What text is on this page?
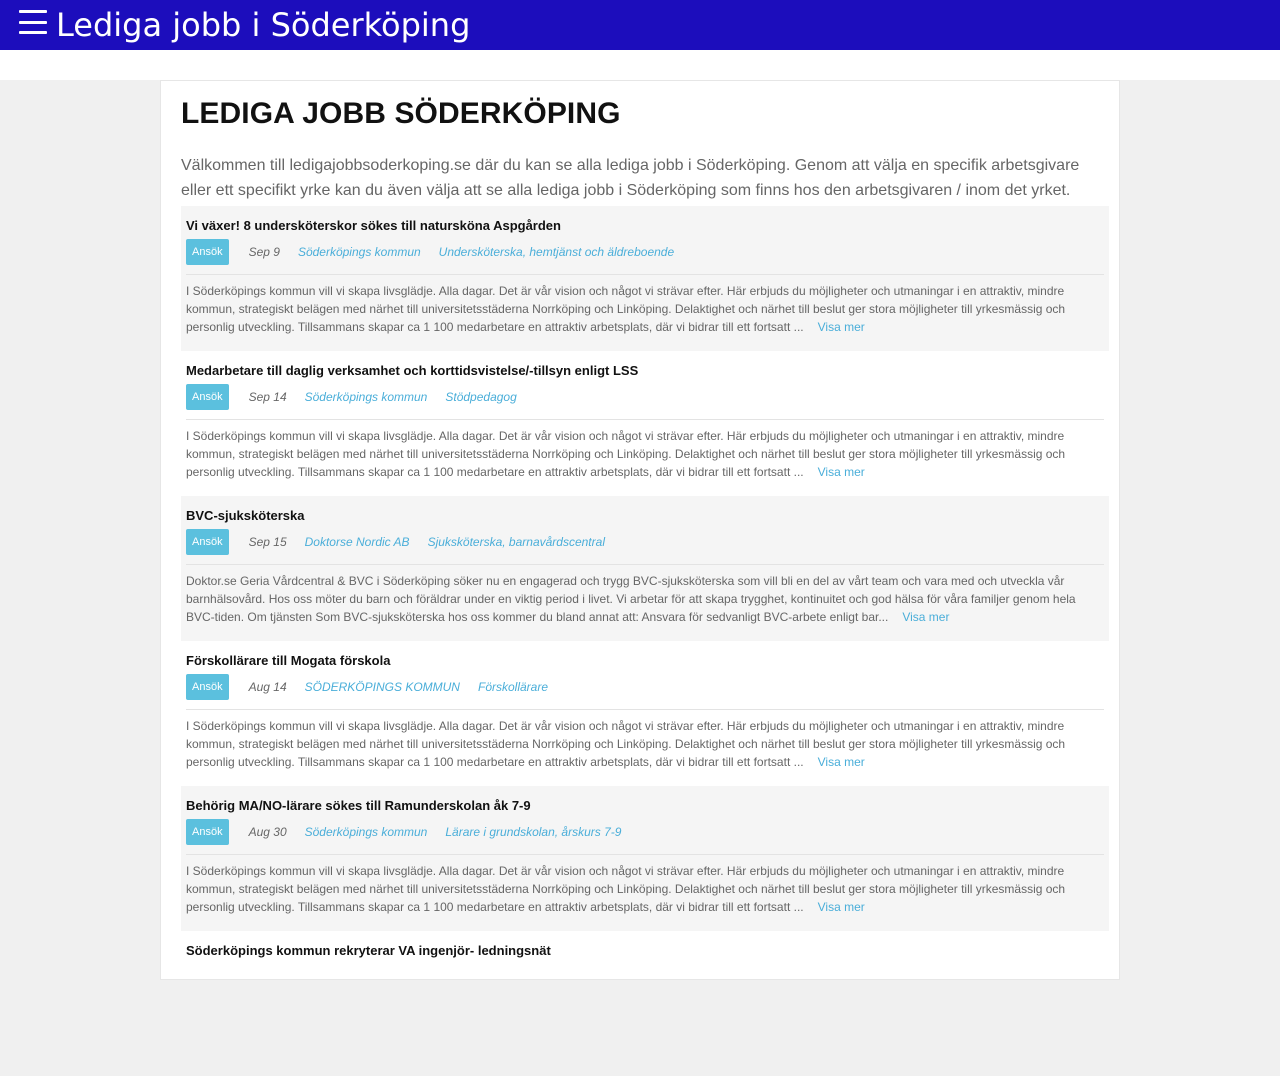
Lediga jobb i Söderköping
LEDIGA JOBB SÖDERKÖPING

Välkommen till ledigajobbsoderkoping.se där du kan se alla lediga jobb i Söderköping. Genom att välja en specifik arbetsgivare eller ett specifikt yrke kan du även välja att se alla lediga jobb i Söderköping som finns hos den arbetsgivaren / inom det yrket.

Vi växer! 8 undersköterskor sökes till natursköna Aspgården
Ansök	Sep 9 Söderköpings kommun Undersköterska, hemtjänst och äldreboende

I Söderköpings kommun vill vi skapa livsglädje. Alla dagar. Det är vår vision och något vi strävar efter. Här erbjuds du möjligheter och utmaningar i en attraktiv, mindre kommun, strategiskt belägen med närhet till universitetsstäderna Norrköping och Linköping. Delaktighet och närhet till beslut ger stora möjligheter till yrkesmässig och personlig utveckling. Tillsammans skapar ca 1 100 medarbetare en attraktiv arbetsplats, där vi bidrar till ett fortsatt ... Visa mer

Medarbetare till daglig verksamhet och korttidsvistelse/-tillsyn enligt LSS
Ansök	Sep 14 Söderköpings kommun Stödpedagog

I Söderköpings kommun vill vi skapa livsglädje. Alla dagar. Det är vår vision och något vi strävar efter. Här erbjuds du möjligheter och utmaningar i en attraktiv, mindre kommun, strategiskt belägen med närhet till universitetsstäderna Norrköping och Linköping. Delaktighet och närhet till beslut ger stora möjligheter till yrkesmässig och personlig utveckling. Tillsammans skapar ca 1 100 medarbetare en attraktiv arbetsplats, där vi bidrar till ett fortsatt ... Visa mer

BVC-sjuksköterska
Ansök	Sep 15 Doktorse Nordic AB Sjuksköterska, barnavårdscentral

Doktor.se Geria Vårdcentral & BVC i Söderköping söker nu en engagerad och trygg BVC-sjuksköterska som vill bli en del av vårt team och vara med och utveckla vår barnhälsovård. Hos oss möter du barn och föräldrar under en viktig period i livet. Vi arbetar för att skapa trygghet, kontinuitet och god hälsa för våra familjer genom hela BVC-tiden. Om tjänsten Som BVC-sjuksköterska hos oss kommer du bland annat att: Ansvara för sedvanligt BVC-arbete enligt bar... Visa mer

Förskollärare till Mogata förskola
Ansök	Aug 14 SÖDERKÖPINGS KOMMUN Förskollärare

I Söderköpings kommun vill vi skapa livsglädje. Alla dagar. Det är vår vision och något vi strävar efter. Här erbjuds du möjligheter och utmaningar i en attraktiv, mindre kommun, strategiskt belägen med närhet till universitetsstäderna Norrköping och Linköping. Delaktighet och närhet till beslut ger stora möjligheter till yrkesmässig och personlig utveckling. Tillsammans skapar ca 1 100 medarbetare en attraktiv arbetsplats, där vi bidrar till ett fortsatt ... Visa mer

Behörig MA/NO-lärare sökes till Ramunderskolan åk 7-9
Ansök	Aug 30 Söderköpings kommun Lärare i grundskolan, årskurs 7-9

I Söderköpings kommun vill vi skapa livsglädje. Alla dagar. Det är vår vision och något vi strävar efter. Här erbjuds du möjligheter och utmaningar i en attraktiv, mindre kommun, strategiskt belägen med närhet till universitetsstäderna Norrköping och Linköping. Delaktighet och närhet till beslut ger stora möjligheter till yrkesmässig och personlig utveckling. Tillsammans skapar ca 1 100 medarbetare en attraktiv arbetsplats, där vi bidrar till ett fortsatt ... Visa mer

Söderköpings kommun rekryterar VA ingenjör- ledningsnät
